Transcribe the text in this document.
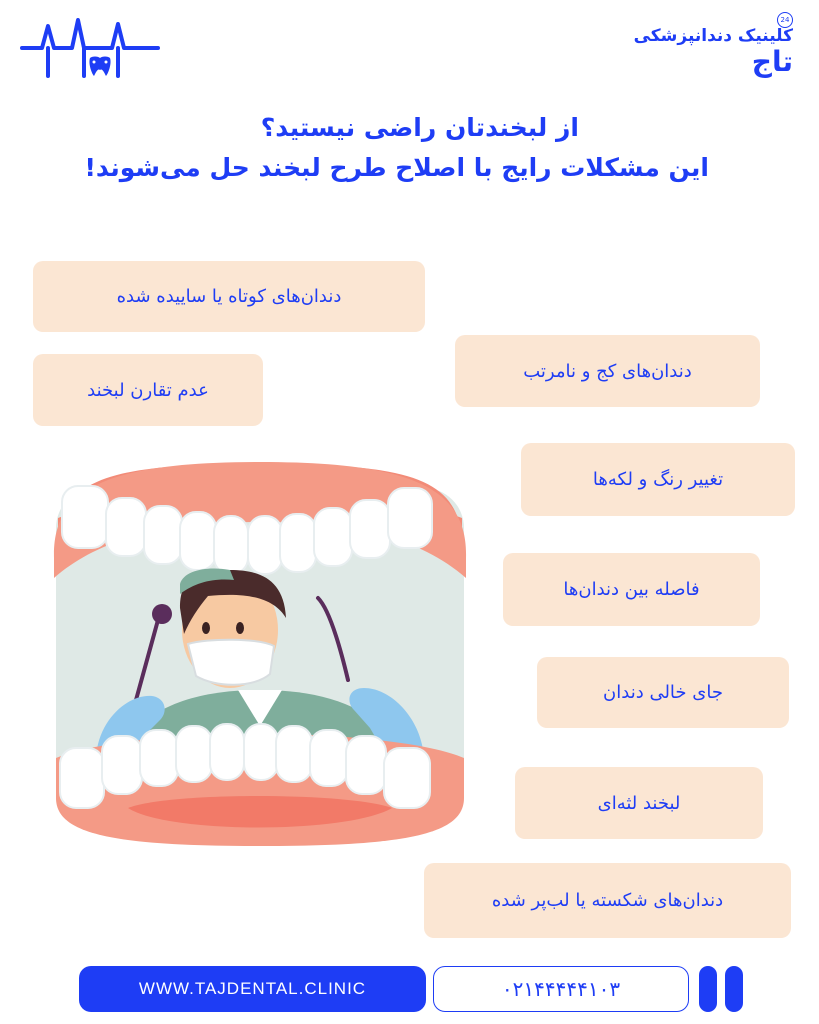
24
کلینیک دندانپزشکی
تاج
از لبخندتان راضی نیستید؟
این مشکلات رایج با اصلاح طرح لبخند حل می‌شوند!
دندان‌های کوتاه یا ساییده شده
عدم تقارن لبخند
دندان‌های کج و نامرتب
تغییر رنگ و لکه‌ها
فاصله بین دندان‌ها
جای خالی دندان
لبخند لثه‌ای
دندان‌های شکسته یا لب‌پر شده
WWW.TAJDENTAL.CLINIC	۰۲۱۴۴۴۴۴۱۰۳
